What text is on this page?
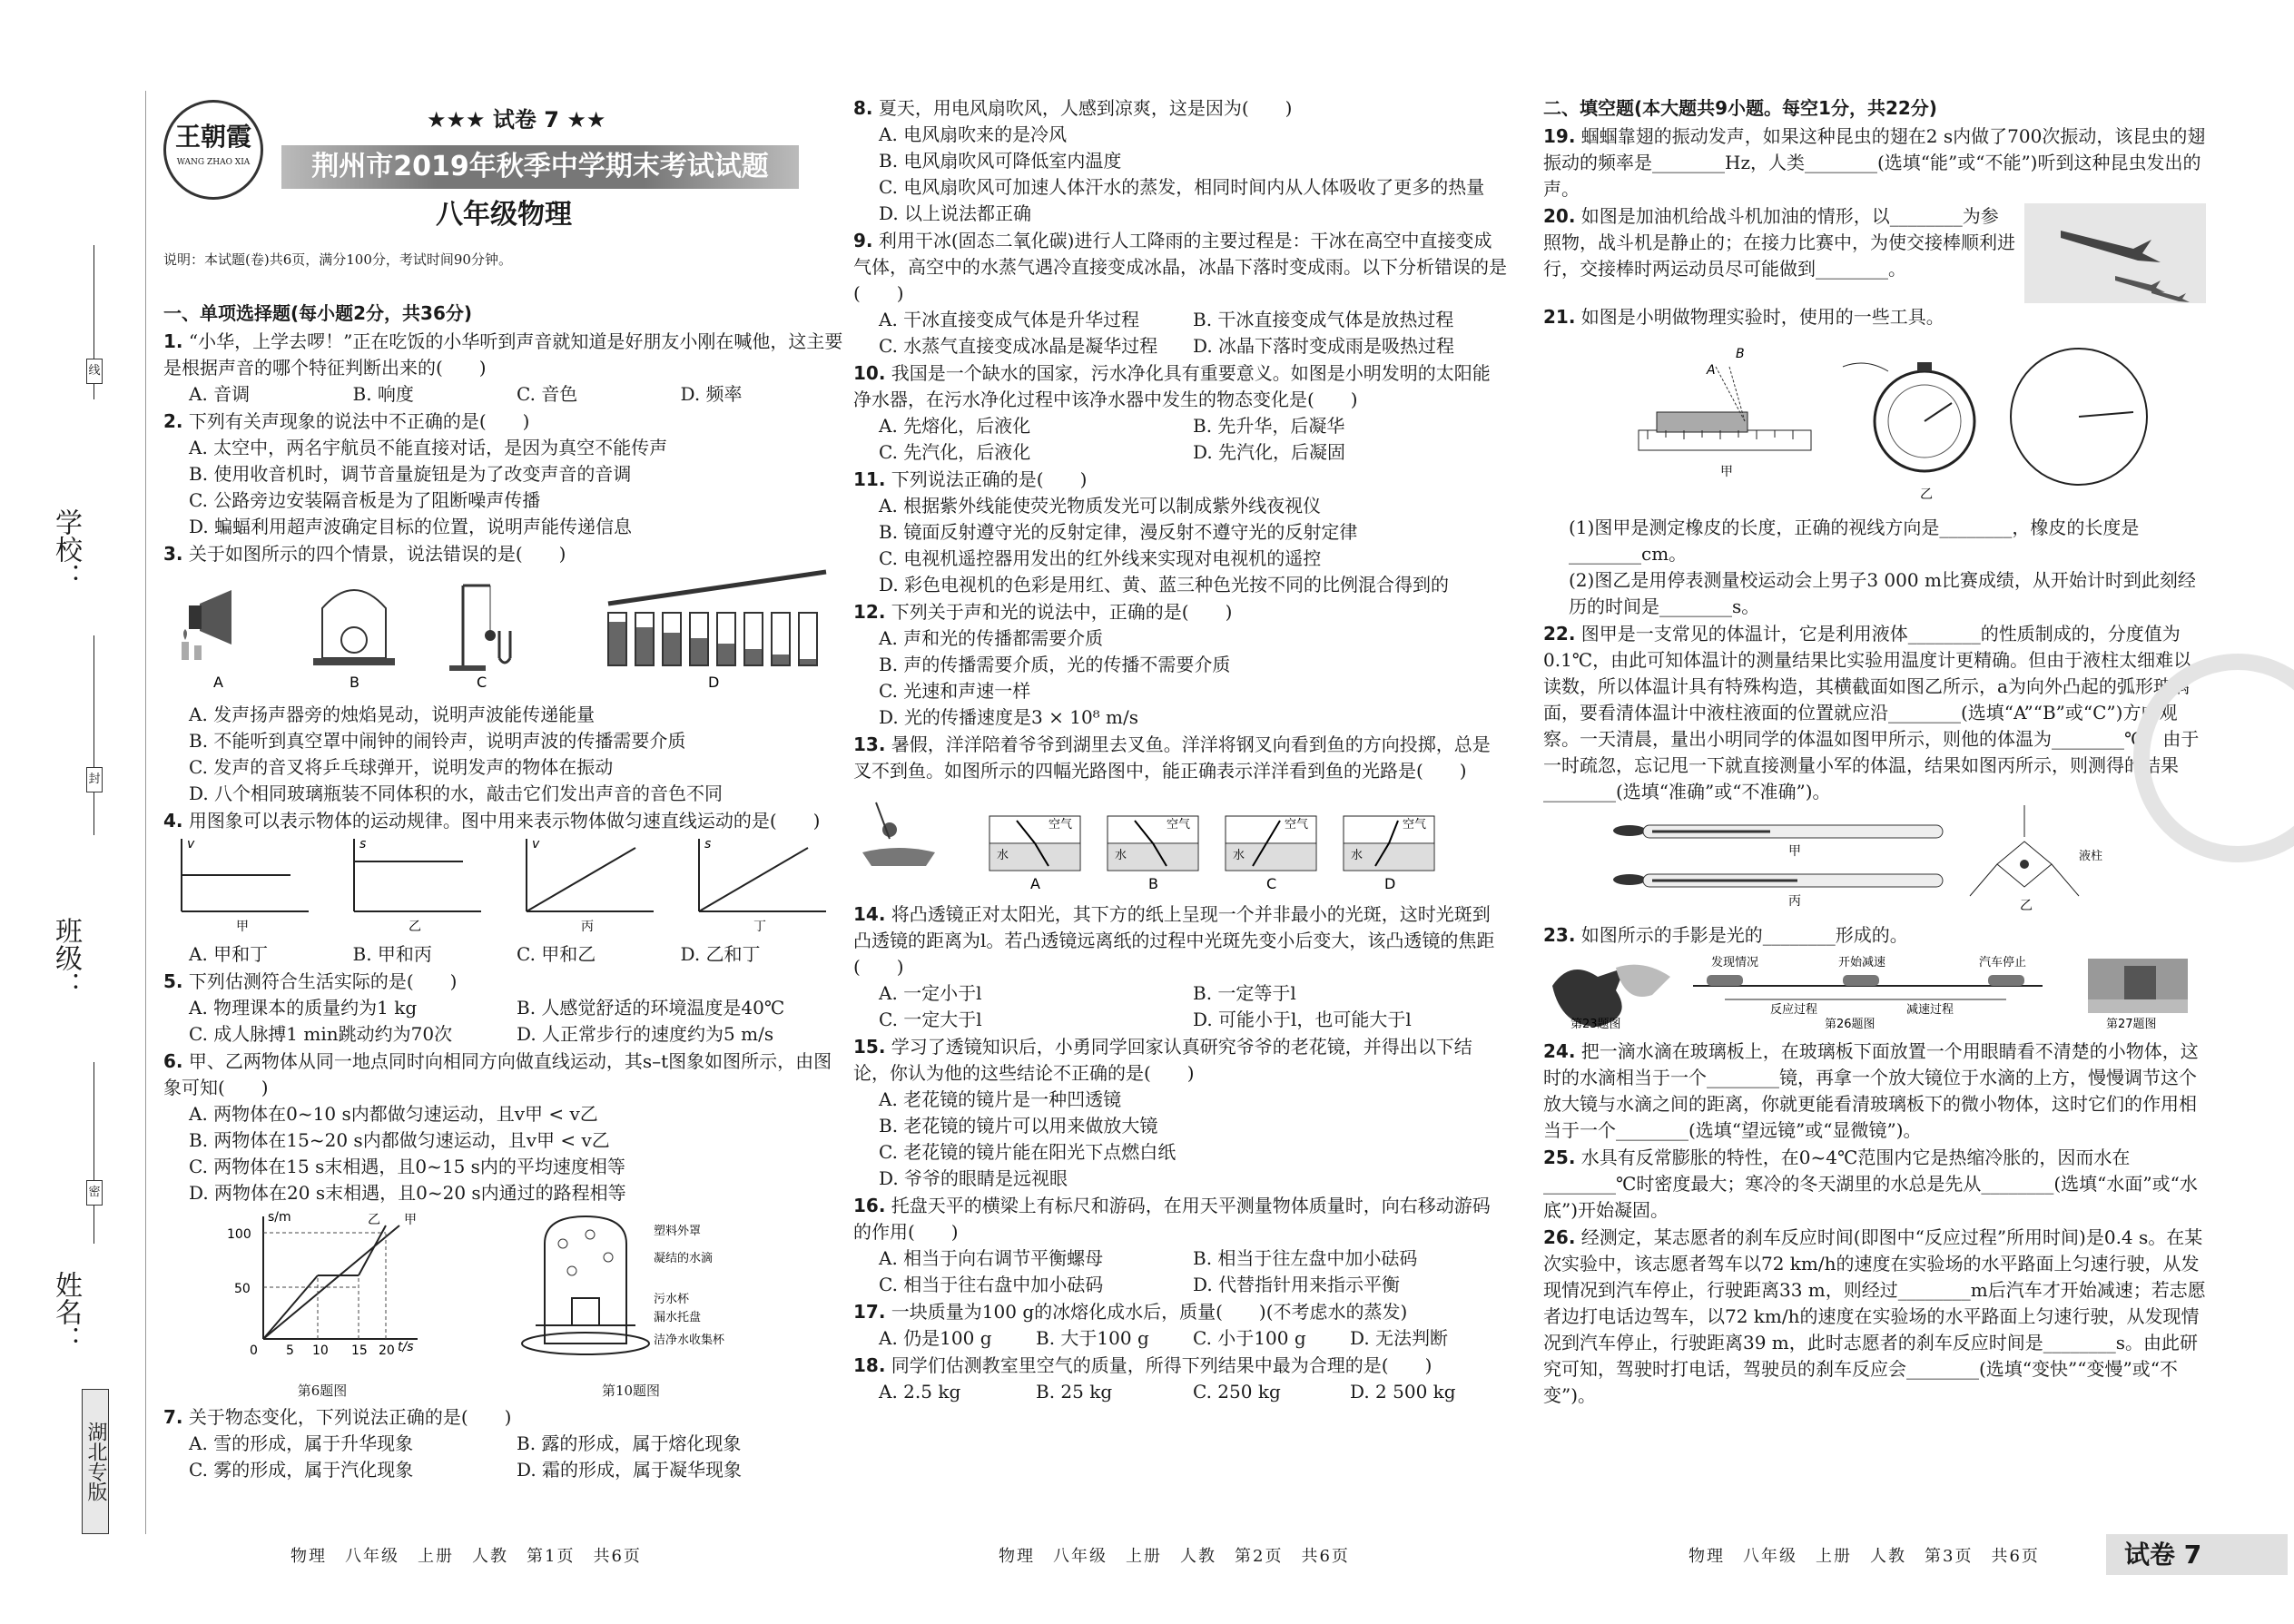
线
学校：
封
班级：
密
姓名：
湖北专版
王朝霞
WANG ZHAO XIA
★★★ 试卷 7 ★★
荆州市2019年秋季中学期末考试试题
八年级物理
说明：本试题(卷)共6页，满分100分，考试时间90分钟。
一、单项选择题(每小题2分，共36分)

1. “小华，上学去啰！”正在吃饭的小华听到声音就知道是好朋友小刚在喊他，这主要是根据声音的哪个特征判断出来的(　　)

A. 音调	B. 响度	C. 音色	D. 频率

2. 下列有关声现象的说法中不正确的是(　　)

A. 太空中，两名宇航员不能直接对话，是因为真空不能传声
B. 使用收音机时，调节音量旋钮是为了改变声音的音调
C. 公路旁边安装隔音板是为了阻断噪声传播
D. 蝙蝠利用超声波确定目标的位置，说明声能传递信息

3. 关于如图所示的四个情景，说法错误的是(　　)

A	B	C	D
A. 发声扬声器旁的烛焰晃动，说明声波能传递能量
B. 不能听到真空罩中闹钟的闹铃声，说明声波的传播需要介质
C. 发声的音叉将乒乓球弹开，说明发声的物体在振动
D. 八个相同玻璃瓶装不同体积的水，敲击它们发出声音的音色不同

4. 用图象可以表示物体的运动规律。图中用来表示物体做匀速直线运动的是(　　)

v	s	v	s
甲	乙	丙	丁
A. 甲和丁	B. 甲和丙	C. 甲和乙	D. 乙和丁

5. 下列估测符合生活实际的是(　　)

A. 物理课本的质量约为1 kg	B. 人感觉舒适的环境温度是40℃
C. 成人脉搏1 min跳动约为70次	D. 人正常步行的速度约为5 m/s

6. 甲、乙两物体从同一地点同时向相同方向做直线运动，其s–t图象如图所示，由图象可知(　　)

A. 两物体在0~10 s内都做匀速运动，且v甲 < v乙
B. 两物体在15~20 s内都做匀速运动，且v甲 < v乙
C. 两物体在15 s末相遇，且0~15 s内的平均速度相等
D. 两物体在20 s末相遇，且0~20 s内通过的路程相等
s/m
100
50
0 5 10 15 20 t/s
乙 甲
第6题图
塑料外罩
凝结的水滴
污水杯
漏水托盘
洁净水收集杯
第10题图

7. 关于物态变化，下列说法正确的是(　　)

A. 雪的形成，属于升华现象	B. 露的形成，属于熔化现象
C. 雾的形成，属于汽化现象	D. 霜的形成，属于凝华现象

8. 夏天，用电风扇吹风，人感到凉爽，这是因为(　　)

A. 电风扇吹来的是冷风
B. 电风扇吹风可降低室内温度
C. 电风扇吹风可加速人体汗水的蒸发，相同时间内从人体吸收了更多的热量
D. 以上说法都正确

9. 利用干冰(固态二氧化碳)进行人工降雨的主要过程是：干冰在高空中直接变成气体，高空中的水蒸气遇冷直接变成冰晶，冰晶下落时变成雨。以下分析错误的是(　　)

A. 干冰直接变成气体是升华过程	B. 干冰直接变成气体是放热过程
C. 水蒸气直接变成冰晶是凝华过程	D. 冰晶下落时变成雨是吸热过程

10. 我国是一个缺水的国家，污水净化具有重要意义。如图是小明发明的太阳能净水器，在污水净化过程中该净水器中发生的物态变化是(　　)

A. 先熔化，后液化	B. 先升华，后凝华
C. 先汽化，后液化	D. 先汽化，后凝固

11. 下列说法正确的是(　　)

A. 根据紫外线能使荧光物质发光可以制成紫外线夜视仪
B. 镜面反射遵守光的反射定律，漫反射不遵守光的反射定律
C. 电视机遥控器用发出的红外线来实现对电视机的遥控
D. 彩色电视机的色彩是用红、黄、蓝三种色光按不同的比例混合得到的

12. 下列关于声和光的说法中，正确的是(　　)

A. 声和光的传播都需要介质
B. 声的传播需要介质，光的传播不需要介质
C. 光速和声速一样
D. 光的传播速度是3 × 10⁸ m/s

13. 暑假，洋洋陪着爷爷到湖里去叉鱼。洋洋将钢叉向看到鱼的方向投掷，总是叉不到鱼。如图所示的四幅光路图中，能正确表示洋洋看到鱼的光路是(　　)

空气
水
空气
水
空气
水
空气
水
A	B	C	D

14. 将凸透镜正对太阳光，其下方的纸上呈现一个并非最小的光斑，这时光斑到凸透镜的距离为l。若凸透镜远离纸的过程中光斑先变小后变大，该凸透镜的焦距(　　)

A. 一定小于l	B. 一定等于l
C. 一定大于l	D. 可能小于l，也可能大于l

15. 学习了透镜知识后，小勇同学回家认真研究爷爷的老花镜，并得出以下结论，你认为他的这些结论不正确的是(　　)

A. 老花镜的镜片是一种凹透镜
B. 老花镜的镜片可以用来做放大镜
C. 老花镜的镜片能在阳光下点燃白纸
D. 爷爷的眼睛是远视眼

16. 托盘天平的横梁上有标尺和游码，在用天平测量物体质量时，向右移动游码的作用(　　)

A. 相当于向右调节平衡螺母	B. 相当于往左盘中加小砝码
C. 相当于往右盘中加小砝码	D. 代替指针用来指示平衡

17. 一块质量为100 g的冰熔化成水后，质量(　　)(不考虑水的蒸发)

A. 仍是100 g	B. 大于100 g	C. 小于100 g	D. 无法判断

18. 同学们估测教室里空气的质量，所得下列结果中最为合理的是(　　)

A. 2.5 kg	B. 25 kg	C. 250 kg	D. 2 500 kg
二、填空题(本大题共9小题。每空1分，共22分)

19. 蝈蝈靠翅的振动发声，如果这种昆虫的翅在2 s内做了700次振动，该昆虫的翅振动的频率是________Hz，人类________(选填“能”或“不能”)听到这种昆虫发出的声。

20. 如图是加油机给战斗机加油的情形，以________为参照物，战斗机是静止的；在接力比赛中，为使交接棒顺利进行，交接棒时两运动员尽可能做到________。

21. 如图是小明做物理实验时，使用的一些工具。

A
B
甲
乙
(1)图甲是测定橡皮的长度，正确的视线方向是________，橡皮的长度是________cm。
(2)图乙是用停表测量校运动会上男子3 000 m比赛成绩，从开始计时到此刻经历的时间是________s。

22. 图甲是一支常见的体温计，它是利用液体________的性质制成的，分度值为0.1℃，由此可知体温计的测量结果比实验用温度计更精确。但由于液柱太细难以读数，所以体温计具有特殊构造，其横截面如图乙所示，a为向外凸起的弧形玻璃面，要看清体温计中液柱液面的位置就应沿________(选填“A”“B”或“C”)方向观察。一天清晨，量出小明同学的体温如图甲所示，则他的体温为________℃；由于一时疏忽，忘记甩一下就直接测量小军的体温，结果如图丙所示，则测得的结果________(选填“准确”或“不准确”)。

甲
丙
液柱
乙

23. 如图所示的手影是光的________形成的。

发现情况	开始减速	汽车停止
反应过程	减速过程
第23题图	第26题图	第27题图

24. 把一滴水滴在玻璃板上，在玻璃板下面放置一个用眼睛看不清楚的小物体，这时的水滴相当于一个________镜，再拿一个放大镜位于水滴的上方，慢慢调节这个放大镜与水滴之间的距离，你就更能看清玻璃板下的微小物体，这时它们的作用相当于一个________(选填“望远镜”或“显微镜”)。

25. 水具有反常膨胀的特性，在0~4℃范围内它是热缩冷胀的，因而水在________℃时密度最大；寒冷的冬天湖里的水总是先从________(选填“水面”或“水底”)开始凝固。

26. 经测定，某志愿者的刹车反应时间(即图中“反应过程”所用时间)是0.4 s。在某次实验中，该志愿者驾车以72 km/h的速度在实验场的水平路面上匀速行驶，从发现情况到汽车停止，行驶距离33 m，则经过________m后汽车才开始减速；若志愿者边打电话边驾车，以72 km/h的速度在实验场的水平路面上匀速行驶，从发现情况到汽车停止，行驶距离39 m，此时志愿者的刹车反应时间是________s。由此研究可知，驾驶时打电话，驾驶员的刹车反应会________(选填“变快”“变慢”或“不变”)。

物理　八年级　上册　人教　第1页　共6页	物理　八年级　上册　人教　第2页　共6页	物理　八年级　上册　人教　第3页　共6页	试卷 7
